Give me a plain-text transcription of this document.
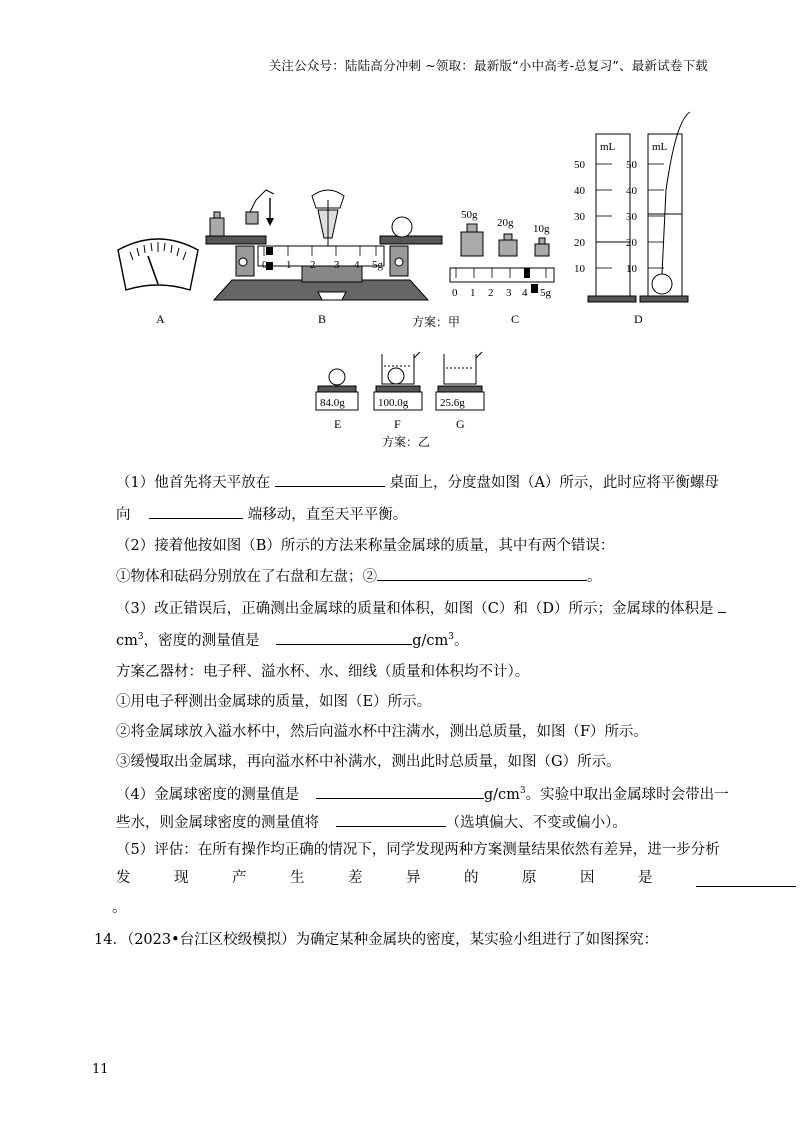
关注公众号：陆陆高分冲刺 ~领取：最新版“小中高考-总复习”、最新试卷下载
A
0 1 2 3 4 5g
B	方案：甲
50g
20g 10g
0 1 2 3 4 5g
C
mL
50
40
30
20
10
mL
50
40
30
20
10
D
84.0g
E
100.0g
F
25.6g
G
方案：乙
（1）他首先将天平放在	桌面上，分度盘如图（A）所示，此时应将平衡螺母
向	端移动，直至天平平衡。
（2）接着他按如图（B）所示的方法来称量金属球的质量，其中有两个错误：
①物体和砝码分别放在了右盘和左盘；②	。
（3）改正错误后，正确测出金属球的质量和体积，如图（C）和（D）所示；金属球的体积是
$cm^3$，密度的测量值是	$g/cm^3$。
方案乙器材：电子秤、溢水杯、水、细线（质量和体积均不计）。
①用电子秤测出金属球的质量，如图（E）所示。
②将金属球放入溢水杯中，然后向溢水杯中注满水，测出总质量，如图（F）所示。
③缓慢取出金属球，再向溢水杯中补满水，测出此时总质量，如图（G）所示。
（4）金属球密度的测量值是	$g/cm^3$。实验中取出金属球时会带出一
些水，则金属球密度的测量值将	（选填偏大、不变或偏小）。
（5）评估：在所有操作均正确的情况下，同学发现两种方案测量结果依然有差异，进一步分析
发	现	产	生	差	异	的	原	因	是
。
14．（2023•台江区校级模拟）为确定某种金属块的密度，某实验小组进行了如图探究：
11
